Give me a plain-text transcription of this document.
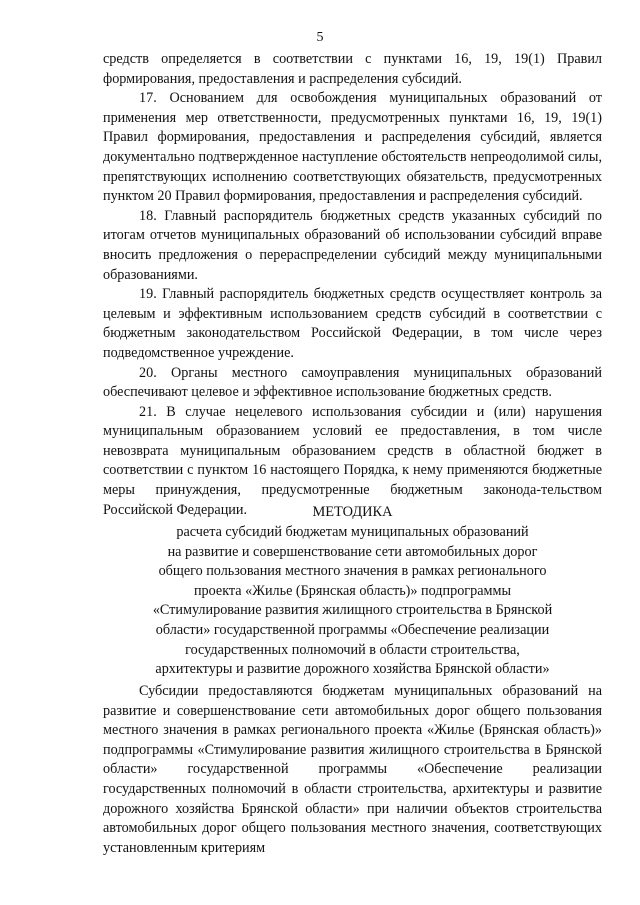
5

средств определяется в соответствии с пунктами 16, 19, 19(1) Правил формирования, предоставления и распределения субсидий.

17. Основанием для освобождения муниципальных образований от применения мер ответственности, предусмотренных пунктами 16, 19, 19(1) Правил формирования, предоставления и распределения субсидий, является документально подтвержденное наступление обстоятельств непреодолимой силы, препятствующих исполнению соответствующих обязательств, предусмотренных пунктом 20 Правил формирования, предоставления и распределения субсидий.

18. Главный распорядитель бюджетных средств указанных субсидий по итогам отчетов муниципальных образований об использовании субсидий вправе вносить предложения о перераспределении субсидий между муниципальными образованиями.

19. Главный распорядитель бюджетных средств осуществляет контроль за целевым и эффективным использованием средств субсидий в соответствии с бюджетным законодательством Российской Федерации, в том числе через подведомственное учреждение.

20. Органы местного самоуправления муниципальных образований обеспечивают целевое и эффективное использование бюджетных средств.

21. В случае нецелевого использования субсидии и (или) нарушения муниципальным образованием условий ее предоставления, в том числе невозврата муниципальным образованием средств в областной бюджет в соответствии с пунктом 16 настоящего Порядка, к нему применяются бюджетные меры принуждения, предусмотренные бюджетным законода-тельством Российской Федерации.	МЕТОДИКА
расчета субсидий бюджетам муниципальных образований
на развитие и совершенствование сети автомобильных дорог
общего пользования местного значения в рамках регионального
проекта «Жилье (Брянская область)» подпрограммы
«Стимулирование развития жилищного строительства в Брянской
области» государственной программы «Обеспечение реализации
государственных полномочий в области строительства,
архитектуры и развитие дорожного хозяйства Брянской области»

Субсидии предоставляются бюджетам муниципальных образований на развитие и совершенствование сети автомобильных дорог общего пользования местного значения в рамках регионального проекта «Жилье (Брянская область)» подпрограммы «Стимулирование развития жилищного строительства в Брянской области» государственной программы «Обеспечение реализации государственных полномочий в области строительства, архитектуры и развитие дорожного хозяйства Брянской области» при наличии объектов строительства автомобильных дорог общего пользования местного значения, соответствующих установленным критериям
